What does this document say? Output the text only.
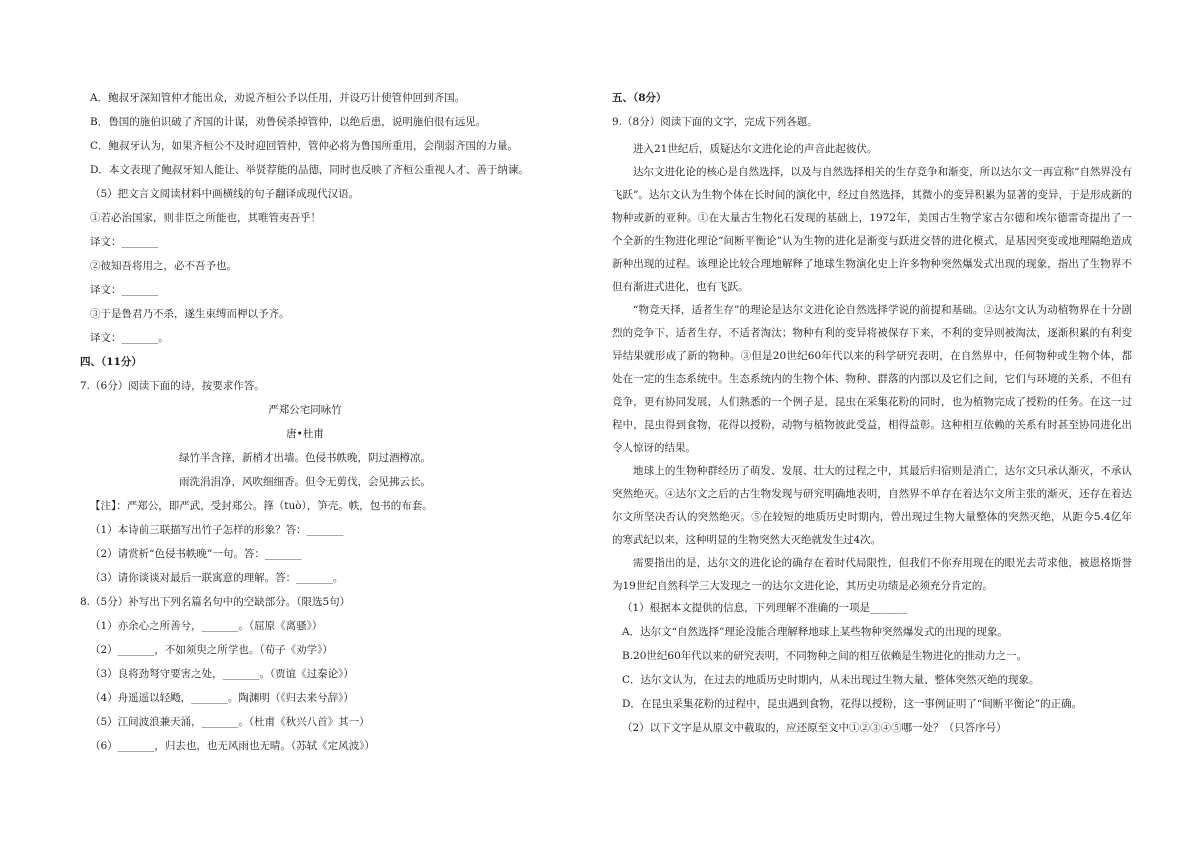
A．鲍叔牙深知管仲才能出众，劝说齐桓公予以任用，并设巧计使管仲回到齐国。

B．鲁国的施伯识破了齐国的计谋，劝鲁侯杀掉管仲，以绝后患，说明施伯很有远见。

C．鲍叔牙认为，如果齐桓公不及时迎回管仲，管仲必将为鲁国所重用，会削弱齐国的力量。

D．本文表现了鲍叔牙知人能让、举贤荐能的品德，同时也反映了齐桓公重视人才、善于纳谏。

（5）把文言文阅读材料中画横线的句子翻译成现代汉语。

①若必治国家，则非臣之所能也，其唯管夷吾乎！

译文：_______

②彼知吾将用之，必不吾予也。

译文：_______

③于是鲁君乃不杀，遂生束缚而柙以予齐。

译文：_______。

四、（11分）

7.（6分）阅读下面的诗，按要求作答。

严郑公宅同咏竹

唐•杜甫

绿竹半含箨，新梢才出墙。色侵书帙晚，阴过酒樽凉。

雨洗涓涓净，风吹细细香。但令无剪伐，会见拂云长。

【注】：严郑公，即严武，受封郑公。箨（tuò），笋壳。帙，包书的布套。

（1）本诗前三联描写出竹子怎样的形象？答：_______

（2）请赏析“色侵书帙晚”一句。答：_______

（3）请你谈谈对最后一联寓意的理解。答：_______。

8.（5分）补写出下列名篇名句中的空缺部分。（限选5句）

（1）亦余心之所善兮，_______。（屈原《离骚》）

（2）_______，不如须臾之所学也。（荀子《劝学》）

（3）良将劲弩守要害之处，_______。（贾谊《过秦论》）

（4）舟遥遥以轻飏，_______。陶渊明（《归去来兮辞》）

（5）江间波浪兼天涌，_______。（杜甫《秋兴八首》其一）

（6）_______，归去也，也无风雨也无晴。（苏轼《定风波》）

五、（8分）

9.（8分）阅读下面的文字，完成下列各题。

进入21世纪后，质疑达尔文进化论的声音此起彼伏。

达尔文进化论的核心是自然选择，以及与自然选择相关的生存竞争和渐变，所以达尔文一再宣称“自然界没有飞跃”。达尔文认为生物个体在长时间的演化中，经过自然选择，其微小的变异积累为显著的变异，于是形成新的物种或新的亚种。①在大量古生物化石发现的基础上，1972年，美国古生物学家古尔德和埃尔德雷奇提出了一个全新的生物进化理论“间断平衡论”认为生物的进化是渐变与跃进交替的进化模式，是基因突变或地理隔绝造成新种出现的过程。该理论比较合理地解释了地球生物演化史上许多物种突然爆发式出现的现象，指出了生物界不但有渐进式进化，也有飞跃。

“物竞天择，适者生存”的理论是达尔文进化论自然选择学说的前提和基础。②达尔文认为动植物界在十分剧烈的竞争下，适者生存，不适者淘汰；物种有利的变异将被保存下来，不利的变异则被淘汰，逐渐积累的有利变异结果就形成了新的物种。③但是20世纪60年代以来的科学研究表明，在自然界中，任何物种或生物个体，都处在一定的生态系统中。生态系统内的生物个体、物种、群落的内部以及它们之间，它们与环境的关系，不但有竞争，更有协同发展，人们熟悉的一个例子是，昆虫在采集花粉的同时，也为植物完成了授粉的任务。在这一过程中，昆虫得到食物，花得以授粉，动物与植物彼此受益，相得益彰。这种相互依赖的关系有时甚至协同进化出令人惊讶的结果。

地球上的生物种群经历了萌发、发展、壮大的过程之中，其最后归宿则是消亡，达尔文只承认渐灭，不承认突然绝灭。④达尔文之后的古生物发现与研究明确地表明，自然界不单存在着达尔文所主张的渐灭，还存在着达尔文所坚决否认的突然绝灭。⑤在较短的地质历史时期内，曾出现过生物大量整体的突然灭绝，从距今5.4亿年的寒武纪以来，这种明显的生物突然大灭绝就发生过4次。

需要指出的是，达尔文的进化论的确存在着时代局限性，但我们不你弃用现在的眼光去苛求他，被恩格斯誉为19世纪自然科学三大发现之一的达尔文进化论，其历史功绩是必须充分肯定的。

（1）根据本文提供的信息，下列理解不准确的一项是_______

A．达尔文“自然选择”理论没能合理解释地球上某些物种突然爆发式的出现的现象。

B.20世纪60年代以来的研究表明，不同物种之间的相互依赖是生物进化的推动力之一。

C．达尔文认为，在过去的地质历史时期内，从未出现过生物大量、整体突然灭绝的现象。

D．在昆虫采集花粉的过程中，昆虫遇到食物，花得以授粉，这一事例证明了“间断平衡论”的正确。

（2）以下文字是从原文中截取的，应还原至文中①②③④⑤哪一处？（只答序号）
